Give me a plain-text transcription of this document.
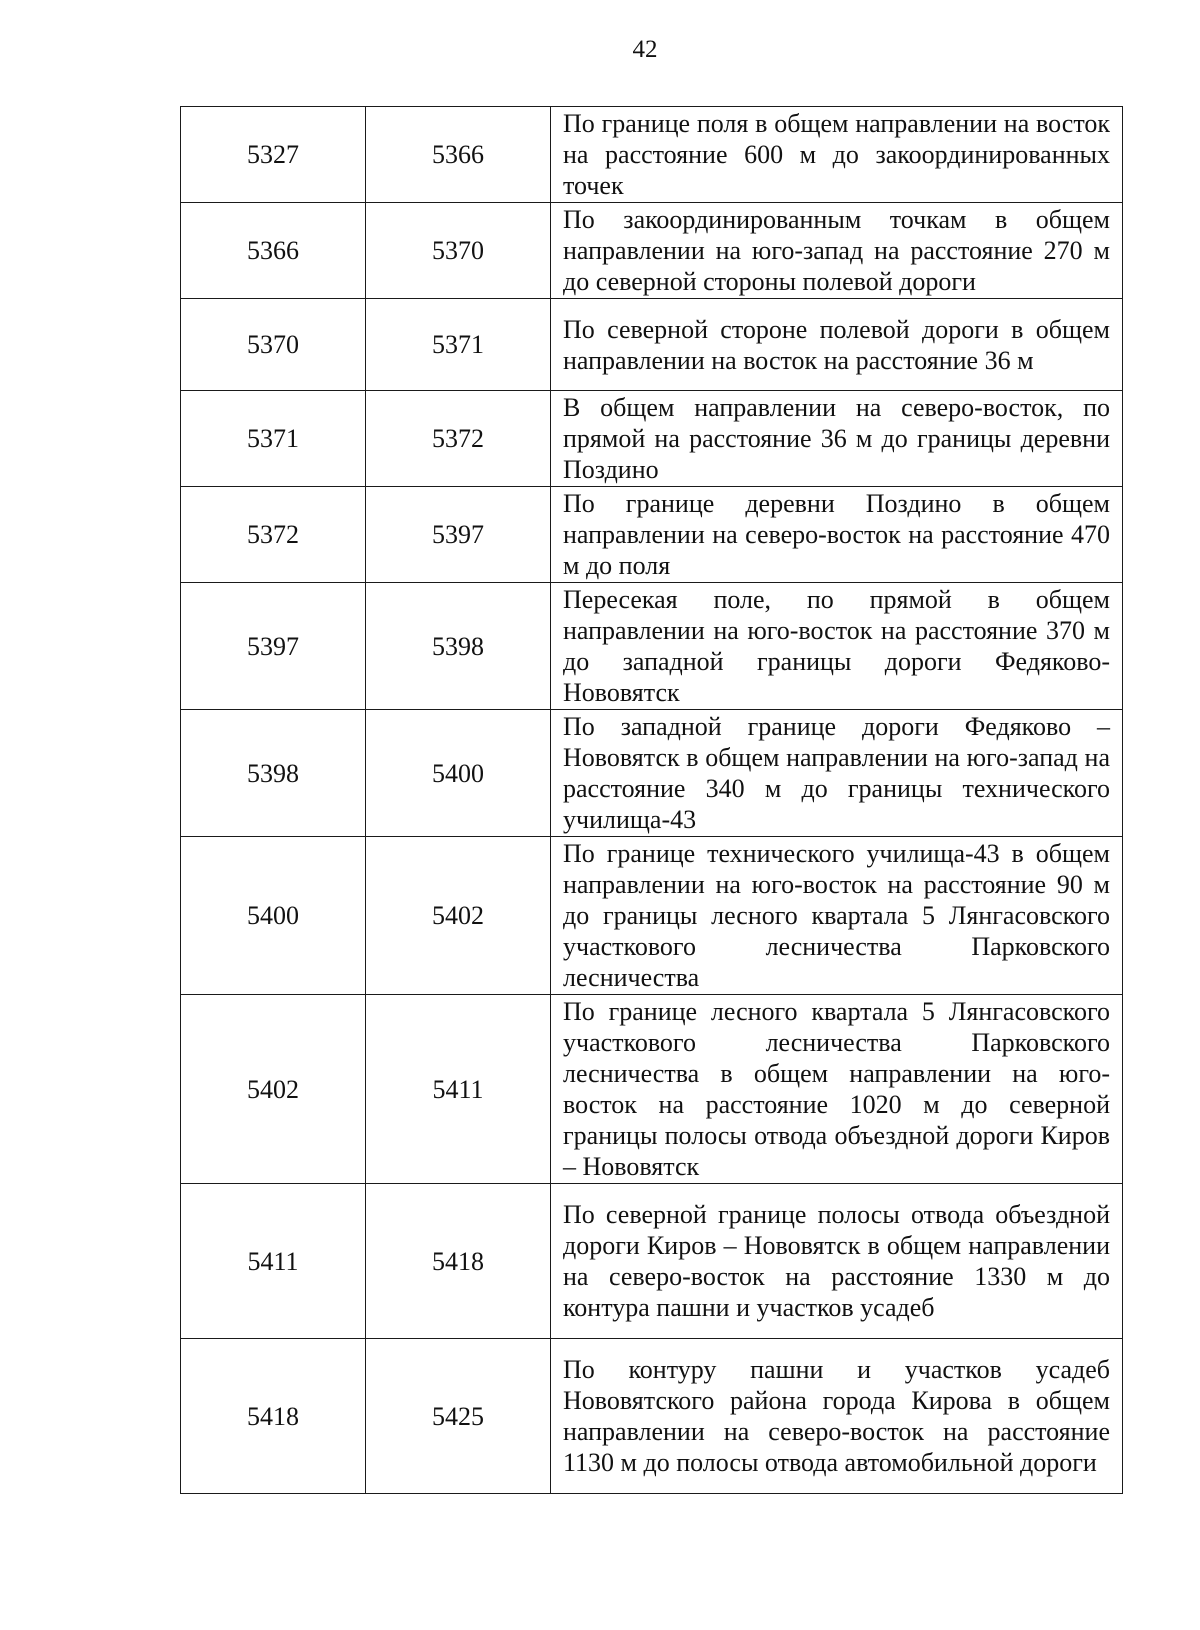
42
5327	5366	По границе поля в общем направлении на восток на расстояние 600 м до закоординированных точек
5366	5370	По закоординированным точкам в общем направлении на юго-запад на расстояние 270 м до северной стороны полевой дороги
5370	5371	По северной стороне полевой дороги в общем направлении на восток на расстояние 36 м
5371	5372	В общем направлении на северо-восток, по прямой на расстояние 36 м до границы деревни Поздино
5372	5397	По границе деревни Поздино в общем направлении на северо-восток на расстояние 470 м до поля
5397	5398	Пересекая поле, по прямой в общем направлении на юго-восток на расстояние 370 м до западной границы дороги Федяково-Нововятск
5398	5400	По западной границе дороги Федяково – Нововятск в общем направлении на юго-запад на расстояние 340 м до границы технического училища-43
5400	5402	По границе технического училища-43 в общем направлении на юго-восток на расстояние 90 м до границы лесного квартала 5 Лянгасовского участкового лесничества Парковского лесничества
5402	5411	По границе лесного квартала 5 Лянгасовского участкового лесничества Парковского лесничества в общем направлении на юго-восток на расстояние 1020 м до северной границы полосы отвода объездной дороги Киров – Нововятск
5411	5418	По северной границе полосы отвода объездной дороги Киров – Нововятск в общем направлении на северо-восток на расстояние 1330 м до контура пашни и участков усадеб
5418	5425	По контуру пашни и участков усадеб Нововятского района города Кирова в общем направлении на северо-восток на расстояние 1130 м до полосы отвода автомобильной дороги
